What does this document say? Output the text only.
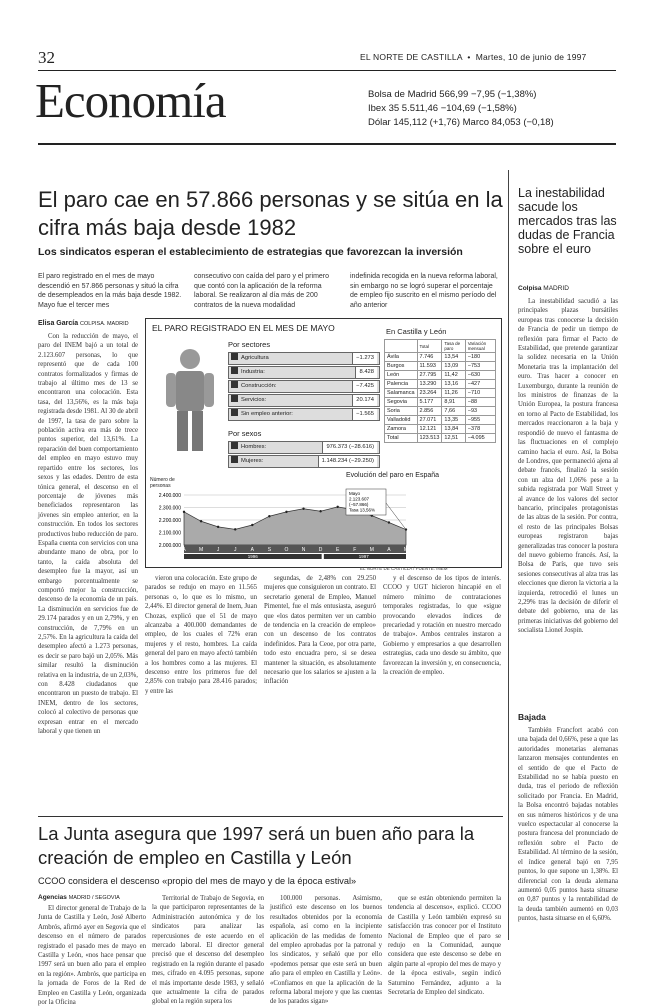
32	EL NORTE DE CASTILLA  •  Martes, 10 de junio de 1997
Economía	Bolsa de Madrid 566,99 −7,95 (−1,38%)
Ibex 35 5.511,46 −104,69 (−1,58%)
Dólar 145,112 (+1,76) Marco 84,053 (−0,18)
El paro cae en 57.866 personas y se sitúa en la cifra más baja desde 1982
Los sindicatos esperan el establecimiento de estrategias que favorezcan la inversión
El paro registrado en el mes de mayo descendió en 57.866 personas y situó la cifra de desempleados en la más baja desde 1982. Mayo fue el tercer mes
consecutivo con caída del paro y el primero que contó con la aplicación de la reforma laboral. Se realizaron al día más de 200 contratos de la nueva modalidad
indefinida recogida en la nueva reforma laboral, sin embargo no se logró superar el porcentaje de empleo fijo suscrito en el mismo período del año anterior
Elisa García COLPISA. MADRID

Con la reducción de mayo, el paro del INEM bajó a un total de 2.123.607 personas, lo que representó que de cada 100 contratos formalizados y firmas de trabajo al último mes de 13 se encontraron una colocación. Esta tasa, del 13,56%, es la más baja registrada desde 1981. Al 30 de abril de 1997, la tasa de paro sobre la población activa era más de trece puntos superior, del 13,61%. La reparación del buen comportamiento del empleo en mayo estuvo muy repartido entre los sectores, los sexos y las edades. Dentro de esta tónica general, el descenso en el porcentaje de jóvenes más beneficiados representaron las jóvenes sin empleo anterior, en la construcción. En todos los sectores productivos hubo reducción de paro. España cuenta con servicios con una abundante mano de obra, por lo tanto, la caída absoluta del desempleo fue la mayor, así un embargo porcentualmente se comportó mejor la construcción, descenso de la economía de un país. La disminución en servicios fue de 29.174 parados y en un 2,79%, y en construcción, de 7,79% en un 2,57%. En la agricultura la caída del desempleo afectó a 1.273 personas, es decir se paro bajó un 2,05%. Más similar resultó la disminución relativa en la industria, de un 2,03%, con 8.428 ciudadanos que encontraron un puesto de trabajo. El INEM, dentro de los sectores, colocó al colectivo de personas que expresan entrar en el mercado laboral y que tienen un

vieron una colocación. Este grupo de parados se redujo en mayo en 11.565 personas o, lo que es lo mismo, un 2,44%. El director general de Inem, Juan Chozas, explicó que el 51 de mayo alcanzaba a 400.000 demandantes de empleo, de los cuales el 72% eran mujeres y el resto, hombres. La caída general del paro en mayo afectó también a los hombres como a las mujeres. El descenso entre los primeros fue del 2,85% con trabajo para 28.416 parados; y entre las

segundas, de 2,48% con 29.250 mujeres que consiguieron un contrato. El secretario general de Empleo, Manuel Pimentel, fue el más entusiasta, aseguró que «los datos permiten ver un cambio de tendencia en la creación de empleo» con un descenso de los contratos indefinidos. Para la Ceoe, por otra parte, todo esto encuadra pero, si se desea mantener la situación, es absolutamente necesario que los salarios se ajusten a la inflación

y el descenso de los tipos de interés. CCOO y UGT hicieron hincapié en el número mínimo de contrataciones temporales registradas, lo que «sigue provocando elevados índices de precariedad y rotación en nuestro mercado de trabajo». Ambos centrales instaron a Gobierno y empresarios a que desarrollen estrategias, cada uno desde su ámbito, que favorezcan la inversión y, en consecuencia, la creación de empleo.

EL PARO REGISTRADO EN EL MES DE MAYO
Por sectores
Agricultura	−1.273
Industria:	8.428
Construcción:	−7.425
Servicios:	20.174
Sin empleo anterior:	−1.565
Por sexos
Hombres:	976.373 (−28.616)
Mujeres:	1.148.234 (−29.250)
En Castilla y León
	Total	Tasa de paro	Variación mensual
Ávila	7.746	13,54	−180
Burgos	11.593	13,09	−753
León	27.795	11,42	−630
Palencia	13.290	13,16	−427
Salamanca	23.264	11,26	−710
Segovia	5.177	8,91	−88
Soria	2.856	7,66	−93
Valladolid	27.071	13,35	−955
Zamora	12.121	13,84	−378
Total	123.513	12,51	−4.095
Evolución del paro en España
Número de personas
2.400.000
2.300.000
2.200.000
2.100.000
2.000.000
A	M	J	J	A	S	O	N	D	E	F	M	A	M
1996	1997
Mayo
2.123.607
(−57.866)
Tasa 13,56%
EL NORTE DE CASTILLA / FUENTE: INEM
La inestabilidad sacude los mercados tras las dudas de Francia sobre el euro
Colpisa MADRID

La inestabilidad sacudió a las principales plazas bursátiles europeas tras conocerse la decisión de Francia de pedir un tiempo de reflexión para firmar el Pacto de Estabilidad, que pretende garantizar la solidez necesaria en la Unión Monetaria tras la implantación del euro. Tras hacer a conocer en Luxemburgo, durante la reunión de los ministros de finanzas de la Unión Europea, la postura francesa en torno al Pacto de Estabilidad, los mercados reaccionaron a la baja y respondió de nuevo el fantasma de las fluctuaciones en el complejo camino hacia el euro. Así, la Bolsa de Londres, que permaneció ajena al debate francés, finalizó la sesión con un alza del 1,06% pese a la subida registrada por Wall Street y al avance de los valores del sector bancario, principales protagonistas de las alzas de la sesión. Por contra, el resto de las principales Bolsas europeas registraron bajas generalizadas tras conocer la postura del nuevo gobierno francés. Así, la Bolsa de París, que tuvo seis sesiones consecutivas al alza tras las elecciones que dieron la victoria a la izquierda, retrocedió el lunes un 2,29% tras la decisión de diferir el debate del gobierno, una de las primeras iniciativas del gobierno del socialista Lionel Jospin.

Bajada

También Francfort acabó con una bajada del 0,66%, pese a que las autoridades monetarias alemanas lanzaron mensajes contundentes en el sentido de que el Pacto de Estabilidad no se había puesto en duda, tras el periodo de reflexión solicitado por Francia. En Madrid, la Bolsa encontró bajadas notables en sus números históricos y de una vuelco espectacular al conocerse la postura francesa del pronunciado de reflexión sobre el Pacto de Estabilidad. Al término de la sesión, el índice general bajó en 7,95 puntos, lo que supone un 1,38%. El diferencial con la deuda alemana aumentó 0,05 puntos hasta situarse en 0,87 puntos y la rentabilidad de la deuda también aumentó en 0,03 puntos, hasta situarse en el 6,60%.

La Junta asegura que 1997 será un buen año para la creación de empleo en Castilla y León
CCOO considera el descenso «propio del mes de mayo y de la época estival»
Agencias MADRID / SEGOVIA

El director general de Trabajo de la Junta de Castilla y León, José Alberto Ambrós, afirmó ayer en Segovia que el descenso en el número de parados registrado el pasado mes de mayo en Castilla y León, «nos hace pensar que 1997 será un buen año para el empleo en la región». Ambrós, que participa en la jornada de Foros de la Red de Empleo en Castilla y León, organizada por la Oficina

Territorial de Trabajo de Segovia, en la que participaron representantes de la Administración autonómica y de los sindicatos para analizar las repercusiones de este acuerdo en el mercado laboral. El director general precisó que el descenso del desempleo registrado en la región durante el pasado mes, cifrado en 4.095 personas, supone el más importante desde 1983, y señaló que actualmente la cifra de parados global en la región supera los

100.000 personas. Asimismo, justificó este descenso en los buenos resultados obtenidos por la economía española, así como en la incipiente aplicación de las medidas de fomento del empleo aprobadas por la patronal y los sindicatos, y señaló que por ello «podemos pensar que este será un buen año para el empleo en Castilla y León». «Confiamos en que la aplicación de la reforma laboral mejore y que las cuentas de los parados sigan»

que se están obteniendo permiten la tendencia al descenso», explicó. CCOO de Castilla y León también expresó su satisfacción tras conocer por el Instituto Nacional de Empleo que el paro se redujo en la Comunidad, aunque considera que este descenso se debe en algún parte al «propio del mes de mayo y de la época estival», según indicó Saturnino Fernández, adjunto a la Secretaría de Empleo del sindicato.
